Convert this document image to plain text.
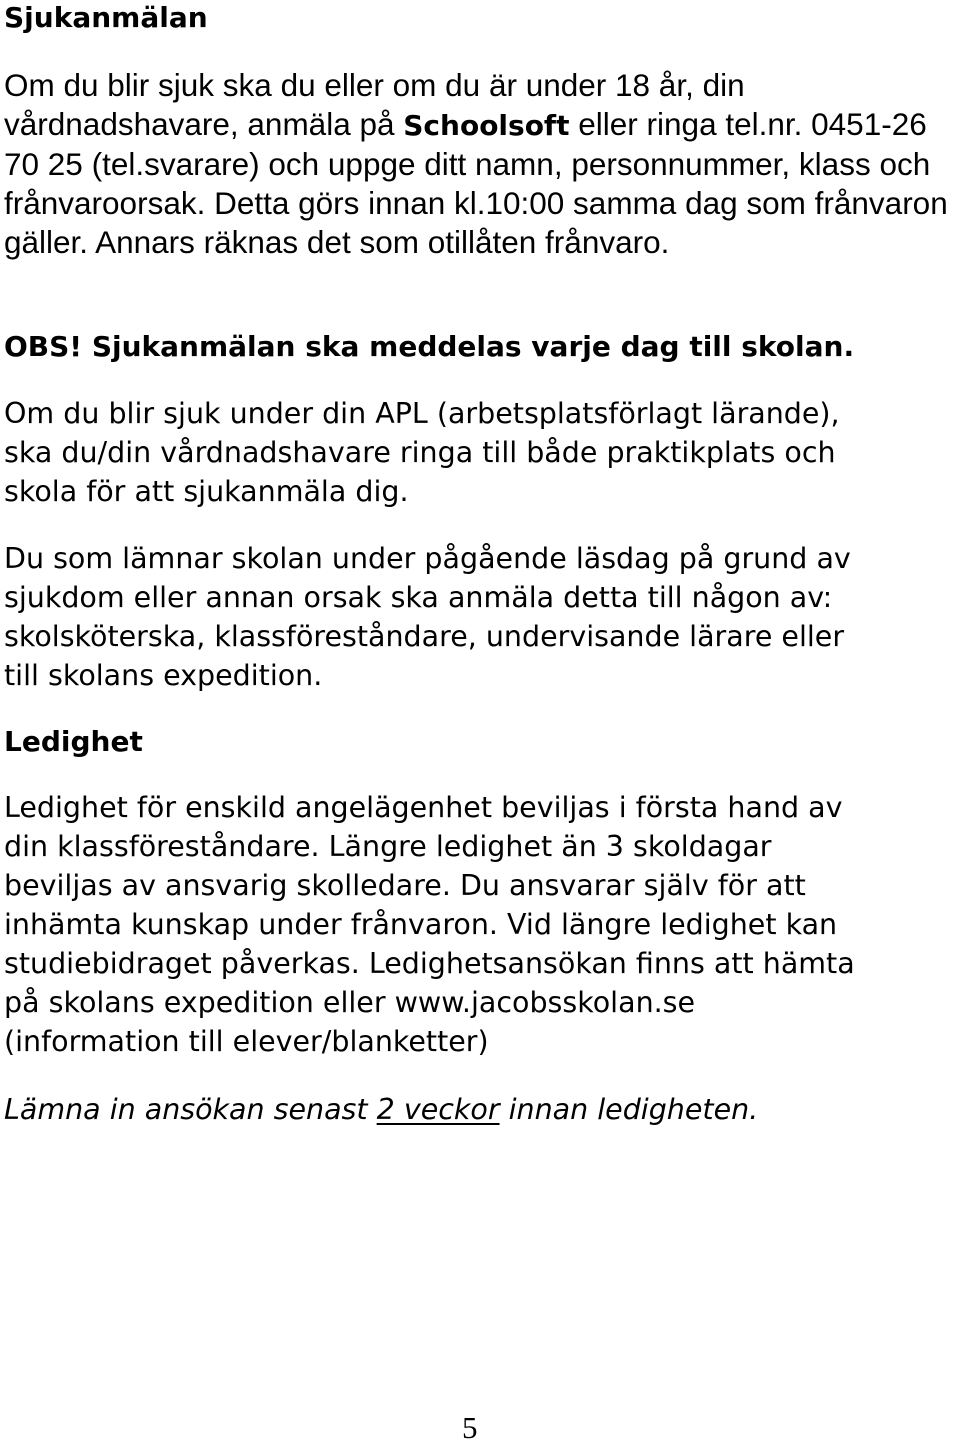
Sjukanmälan

Om du blir sjuk ska du eller om du är under 18 år, din vårdnadshavare, anmäla på Schoolsoft eller ringa tel.nr. 0451-26 70 25 (tel.svarare) och uppge ditt namn, personnummer, klass och frånvaroorsak. Detta görs innan kl.10:00 samma dag som frånvaron gäller. Annars räknas det som otillåten frånvaro.

OBS! Sjukanmälan ska meddelas varje dag till skolan.

Om du blir sjuk under din APL (arbetsplatsförlagt lärande),
ska du/din vårdnadshavare ringa till både praktikplats och
skola för att sjukanmäla dig.

Du som lämnar skolan under pågående läsdag på grund av
sjukdom eller annan orsak ska anmäla detta till någon av:
skolsköterska, klassföreståndare, undervisande lärare eller
till skolans expedition.

Ledighet

Ledighet för enskild angelägenhet beviljas i första hand av
din klassföreståndare. Längre ledighet än 3 skoldagar
beviljas av ansvarig skolledare. Du ansvarar själv för att
inhämta kunskap under frånvaron. Vid längre ledighet kan
studiebidraget påverkas. Ledighetsansökan finns att hämta
på skolans expedition eller www.jacobsskolan.se
(information till elever/blanketter)

Lämna in ansökan senast 2 veckor innan ledigheten.

5
